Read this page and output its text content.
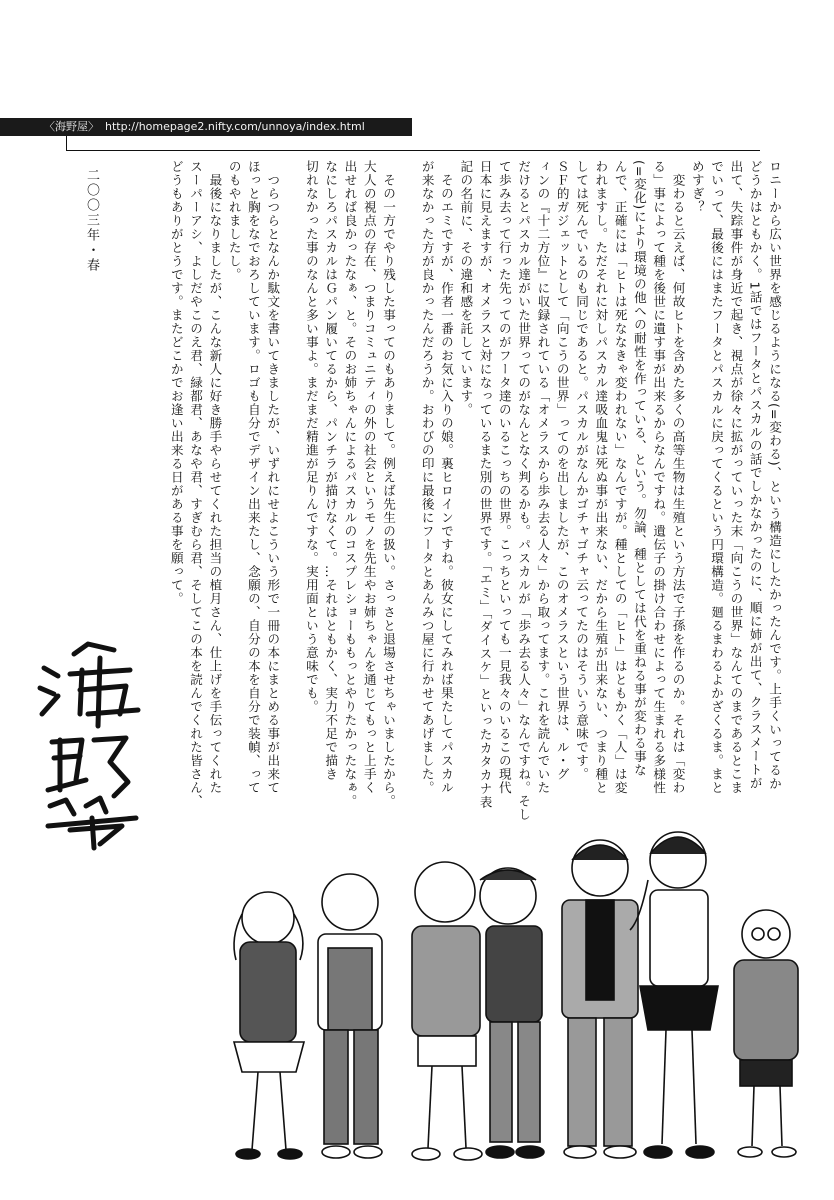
〈海野屋〉 http://homepage2.nifty.com/unnoya/index.html
ロニーから広い世界を感じるようになる(=変わる)、という構造にしたかったんです。上手くいってるか
どうかはともかく。1話ではフータとパスカルの話でしかなかったのに、順に姉が出て、クラスメートが
出て、失踪事件が身近で起き、視点が徐々に拡がっていった末「向こうの世界」なんてのまであるとこま
でいって、最後にはまたフータとパスカルに戻ってくるという円環構造。廻るまわるよかざくるま。まと
めすぎ？
　変わると云えば、何故ヒトを含めた多くの高等生物は生殖という方法で子孫を作るのか。それは「変わ
る」事によって種を後世に遺す事が出来るからなんですね。遺伝子の掛け合わせによって生まれる多様性
(=変化)により環境の他への耐性を作っている、という。勿論、種としては代を重ねる事が変わる事な
んで、正確には「ヒトは死ななきゃ変われない」なんですが。種としての「ヒト」はともかく「人」は変
われますし。ただそれに対しパスカル達吸血鬼は死ぬ事が出来ない、だから生殖が出来ない、つまり種と
しては死んでいるのも同じであると。パスカルがなんかゴチャゴチャ云ってたのはそういう意味です。
ＳＦ的ガジェットとして「向こうの世界」ってのを出しましたが、このオメラスという世界は、ル・グ
ィンの『十二方位』に収録されている「オメラスから歩み去る人々」から取ってます。これを読んでいた
だけるとパスカル達がいた世界ってのがなんとなく判るかも。パスカルが「歩み去る人々」なんですね。そし
て歩み去って行った先ってのがフータ達のいるこっちの世界。こっちといっても一見我々のいるこの現代
日本に見えますが、オメラスと対になっているまた別の世界です。「エミ」「ダイスケ」といったカタカナ表
記の名前に、その違和感を託しています。
　そのエミですが、作者一番のお気に入りの娘。裏ヒロインですね。彼女にしてみれば果たしてパスカル
が来なかった方が良かったんだろうか。おわびの印に最後にフータとあんみつ屋に行かせてあげました。
　その一方でやり残した事ってのもありまして。例えば先生の扱い。さっさと退場させちゃいましたから。
大人の視点の存在、つまりコミュニティの外の社会というモノを先生やお姉ちゃんを通じてもっと上手く
出せれば良かったなぁ、と。そのお姉ちゃんによるパスカルのコスプレショーももっとやりたかったなぁ。
なにしろパスカルはＧパン履いてるから、パンチラが描けなくて。…それはともかく、実力不足で描き
切れなかった事のなんと多い事よ。まだまだ精進が足りんですな。実用面という意味でも。
　つらつらとなんか駄文を書いてきましたが、いずれにせよこういう形で一冊の本にまとめる事が出来て
ほっと胸をなでおろしています。ロゴも自分でデザイン出来たし、念願の、自分の本を自分で装幀、って
のもやれましたし。
　最後になりましたが、こんな新人に好き勝手やらせてくれた担当の植月さん、仕上げを手伝ってくれた
スーパーアシ、よしだやこのえ君、緑都君、あなや君、すぎむら君、そしてこの本を読んでくれた皆さん、
どうもありがとうです。またどこかでお逢い出来る日がある事を願って。
二〇〇三年・春
